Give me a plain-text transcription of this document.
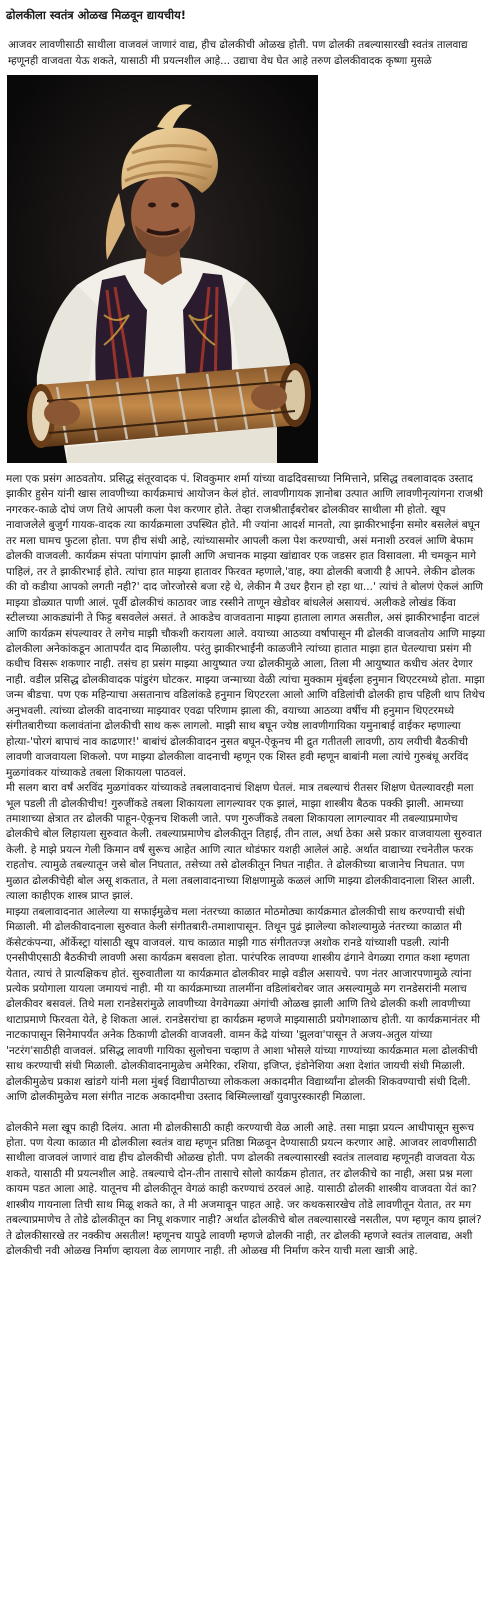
ढोलकीला स्वतंत्र ओळख मिळवून द्यायचीय!
आजवर लावणीसाठी साथीला वाजवलं जाणारं वाद्य, हीच ढोलकीची ओळख होती. पण ढोलकी तबल्यासारखी स्वतंत्र तालवाद्य म्हणूनही वाजवता येऊ शकते, यासाठी मी प्रयत्नशील आहे... उद्याचा वेध घेत आहे तरुण ढोलकीवादक कृष्णा मुसळे

मला एक प्रसंग आठवतोय. प्रसिद्ध संतूरवादक पं. शिवकुमार शर्मा यांच्या वाढदिवसाच्या निमित्ताने, प्रसिद्ध तबलावादक उस्ताद झाकीर हुसेन यांनी खास लावणीच्या कार्यक्रमाचं आयोजन केलं होतं. लावणीगायक ज्ञानोबा उत्पात आणि लावणीनृत्यांगना राजश्री नगरकर-काळे दोघं जण तिथे आपली कला पेश करणार होते. तेव्हा राजश्रीताईंबरोबर ढोलकीवर साथीला मी होतो. खूप नावाजलेले बुजुर्ग गायक-वादक त्या कार्यक्रमाला उपस्थित होते. मी ज्यांना आदर्श मानतो, त्या झाकीरभाईंना समोर बसलेलं बघून तर मला घामच फुटला होता. पण हीच संधी आहे, त्यांच्यासमोर आपली कला पेश करण्याची, असं मनाशी ठरवलं आणि बेफाम ढोलकी वाजवली. कार्यक्रम संपता पांगापांग झाली आणि अचानक माझ्या खांद्यावर एक जडसर हात विसावला. मी चमकून मागे पाहिलं, तर ते झाकीरभाई होते. त्यांचा हात माझ्या हातावर फिरवत म्हणाले,'वाह, क्या ढोलकी बजायी है आपने. लेकीन ढोलक की वो कडीया आपको लगती नही?' दाद जोरजोरसे बजा रहे थे, लेकीन मै उधर हैरान हो रहा था...' त्यांचं ते बोलणं ऐकलं आणि माझ्या डोळ्यात पाणी आलं. पूर्वी ढोलकीचं काठावर जाड रस्सीने ताणून खेडोवर बांधलेलं असायचं. अलीकडे लोखंड किंवा स्टीलच्या आकड्यांनी ते फिट्ट बसवलेलं असतं. ते आकडेच वाजवताना माझ्या हाताला लागत असतील, असं झाकीरभाईंना वाटलं आणि कार्यक्रम संपल्यावर ते लगेच माझी चौकशी करायला आले. वयाच्या आठव्या वर्षापासून मी ढोलकी वाजवतोय आणि माझ्या ढोलकीला अनेकांकडून आतापर्यंत दाद मिळालीय. परंतु झाकीरभाईंनी काळजीने त्यांच्या हातात माझा हात घेतल्याचा प्रसंग मी कधीच विसरू शकणार नाही. तसंच हा प्रसंग माझ्या आयुष्यात ज्या ढोलकीमुळे आला, तिला मी आयुष्यात कधीच अंतर देणार नाही. वडील प्रसिद्ध ढोलकीवादक पांडुरंग घोटकर. माझ्या जन्माच्या वेळी त्यांचा मुक्काम मुंबईला हनुमान थिएटरमध्ये होता. माझा जन्म बीडचा. पण एक महिन्याचा असतानाच वडिलांकडे हनुमान थिएटरला आलो आणि वडिलांची ढोलकी हाच पहिली थाप तिथेच अनुभवली. त्यांच्या ढोलकी वादनाच्या माझ्यावर एवढा परिणाम झाला की, वयाच्या आठव्या वर्षीच मी हनुमान थिएटरमध्ये संगीतबारीच्या कलावंतांना ढोलकीची साथ करू लागलो. माझी साथ बघून ज्येष्ठ लावणीगायिका यमुनाबाई वाईकर म्हणाल्या होत्या-'पोरगं बापाचं नाव काढणार!' बाबांचं ढोलकीवादन नुसत बघून-ऐकूनच मी द्रुत गतीतली लावणी, ठाय लयीची बैठकीची लावणी वाजवायला शिकलो. पण माझ्या ढोलकीला वादनाची म्हणून एक शिस्त हवी म्हणून बाबांनी मला त्यांचे गुरुबंधू अरविंद मुळगांवकर यांच्याकडे तबला शिकायला पाठवलं.

मी सलग बारा वर्षं अरविंद मुळगांवकर यांच्याकडे तबलावादनाचं शिक्षण घेतलं. मात्र तबल्याचं रीतसर शिक्षण घेतल्यावरही मला भूल पडली ती ढोलकीचीच! गुरुजींकडे तबला शिकायला लागल्यावर एक झालं, माझा शास्त्रीय बैठक पक्की झाली. आमच्या तमाशाच्या क्षेत्रात तर ढोलकी पाहून-ऐकूनच शिकली जाते. पण गुरुजींकडे तबला शिकायला लागल्यावर मी तबल्याप्रमाणेच ढोलकीचे बोल लिहायला सुरुवात केली. तबल्याप्रमाणेच ढोलकीतून तिहाई, तीन ताल, अर्धा ठेका असे प्रकार वाजवायला सुरुवात केली. हे माझे प्रयत्न गेली किमान वर्षं सुरूच आहेत आणि त्यात थोडंफार यशही आलेलं आहे. अर्थात वाद्याच्या रचनेतील फरक राहतोच. त्यामुळे तबल्यातून जसे बोल निघतात, तसेच्या तसे ढोलकीतून निघत नाहीत. ते ढोलकीच्या बाजानेच निघतात. पण मुळात ढोलकीचेही बोल असू शकतात, ते मला तबलावादनाच्या शिक्षणामुळे कळलं आणि माझ्या ढोलकीवादनाला शिस्त आली. त्याला काहीएक शास्त्र प्राप्त झालं.

माझ्या तबलावादनात आलेल्या या सफाईमुळेच मला नंतरच्या काळात मोठमोठ्या कार्यक्रमात ढोलकीची साथ करण्याची संधी मिळाली. मी ढोलकीवादनाला सुरुवात केली संगीतबारी-तमाशापासून. तिथून पुढं झालेल्या कोशल्यामुळे नंतरच्या काळात मी कॅसेटकंपन्या, ऑर्केस्ट्रा यांसाठी खूप वाजवलं. याच काळात माझी गाठ संगीततज्ज्ञ अशोक रानडे यांच्याशी पडली. त्यांनी एनसीपीएसाठी बैठकीची लावणी असा कार्यक्रम बसवला होता. पारंपरिक लावण्या शास्त्रीय ढंगाने वेगळ्या रागात कशा म्हणता येतात, त्याचं ते प्रात्यक्षिकच होतं. सुरुवातीला या कार्यक्रमात ढोलकीवर माझे वडील असायचे. पण नंतर आजारपणामुळे त्यांना प्रत्येक प्रयोगाला यायला जमायचं नाही. मी या कार्यक्रमाच्या तालमींना वडिलांबरोबर जात असल्यामुळे मग रानडेसरांनी मलाच ढोलकीवर बसवलं. तिथे मला रानडेसरांमुळे लावणीच्या वेगवेगळ्या अंगांची ओळख झाली आणि तिथे ढोलकी कशी लावणीच्या थाटाप्रमाणे फिरवता येते, हे शिकता आलं. रानडेसरांचा हा कार्यक्रम म्हणजे माझ्यासाठी प्रयोगशाळाच होती. या कार्यक्रमानंतर मी नाटकापासून सिनेमापर्यंत अनेक ठिकाणी ढोलकी वाजवली. वामन केंद्रे यांच्या 'झुलवा'पासून ते अजय-अतुल यांच्या 'नटरंग'साठीही वाजवलं. प्रसिद्ध लावणी गायिका सुलोचना चव्हाण ते आशा भोसले यांच्या गाण्यांच्या कार्यक्रमात मला ढोलकीची साथ करण्याची संधी मिळाली. ढोलकीवादनामुळेच अमेरिका, रशिया, इजिप्त, इंडोनेशिया अशा देशांत जायची संधी मिळाली. ढोलकीमुळेच प्रकाश खांडगे यांनी मला मुंबई विद्यापीठाच्या लोककला अकादमीत विद्यार्थ्यांना ढोलकी शिकवण्याची संधी दिली. आणि ढोलकीमुळेच मला संगीत नाटक अकादमीचा उस्ताद बिस्मिल्लाखाँ युवापुरस्कारही मिळाला.

ढोलकीने मला खूप काही दिलंय. आता मी ढोलकीसाठी काही करण्याची वेळ आली आहे. तसा माझा प्रयत्न आधीपासून सुरूच होता. पण येत्या काळात मी ढोलकीला स्वतंत्र वाद्य म्हणून प्रतिष्ठा मिळवून देण्यासाठी प्रयत्न करणार आहे. आजवर लावणीसाठी साथीला वाजवलं जाणारं वाद्य हीच ढोलकीची ओळख होती. पण ढोलकी तबल्यासारखी स्वतंत्र तालवाद्य म्हणूनही वाजवता येऊ शकते, यासाठी मी प्रयत्नशील आहे. तबल्याचे दोन-तीन तासाचे सोलो कार्यक्रम होतात, तर ढोलकीचे का नाही, असा प्रश्न मला कायम पडत आला आहे. यातूनच मी ढोलकीतून वेगळं काही करण्याचं ठरवलं आहे. यासाठी ढोलकी शास्त्रीय वाजवता येतं का? शास्त्रीय गायनाला तिची साथ मिळू शकते का, ते मी अजमावून पाहत आहे. जर कथकसारखेच तोडे लावणीतून येतात, तर मग तबल्याप्रमाणेच ते तोडे ढोलकीतून का निघू शकणार नाही? अर्थात ढोलकीचे बोल तबल्यासारखे नसतील, पण म्हणून काय झालं? ते ढोलकीसारखे तर नक्कीच असतील! म्हणूनच यापुढे लावणी म्हणजे ढोलकी नाही, तर ढोलकी म्हणजे स्वतंत्र तालवाद्य, अशी ढोलकीची नवी ओळख निर्माण व्हायला वेळ लागणार नाही. ती ओळख मी निर्माण करेन याची मला खात्री आहे.
